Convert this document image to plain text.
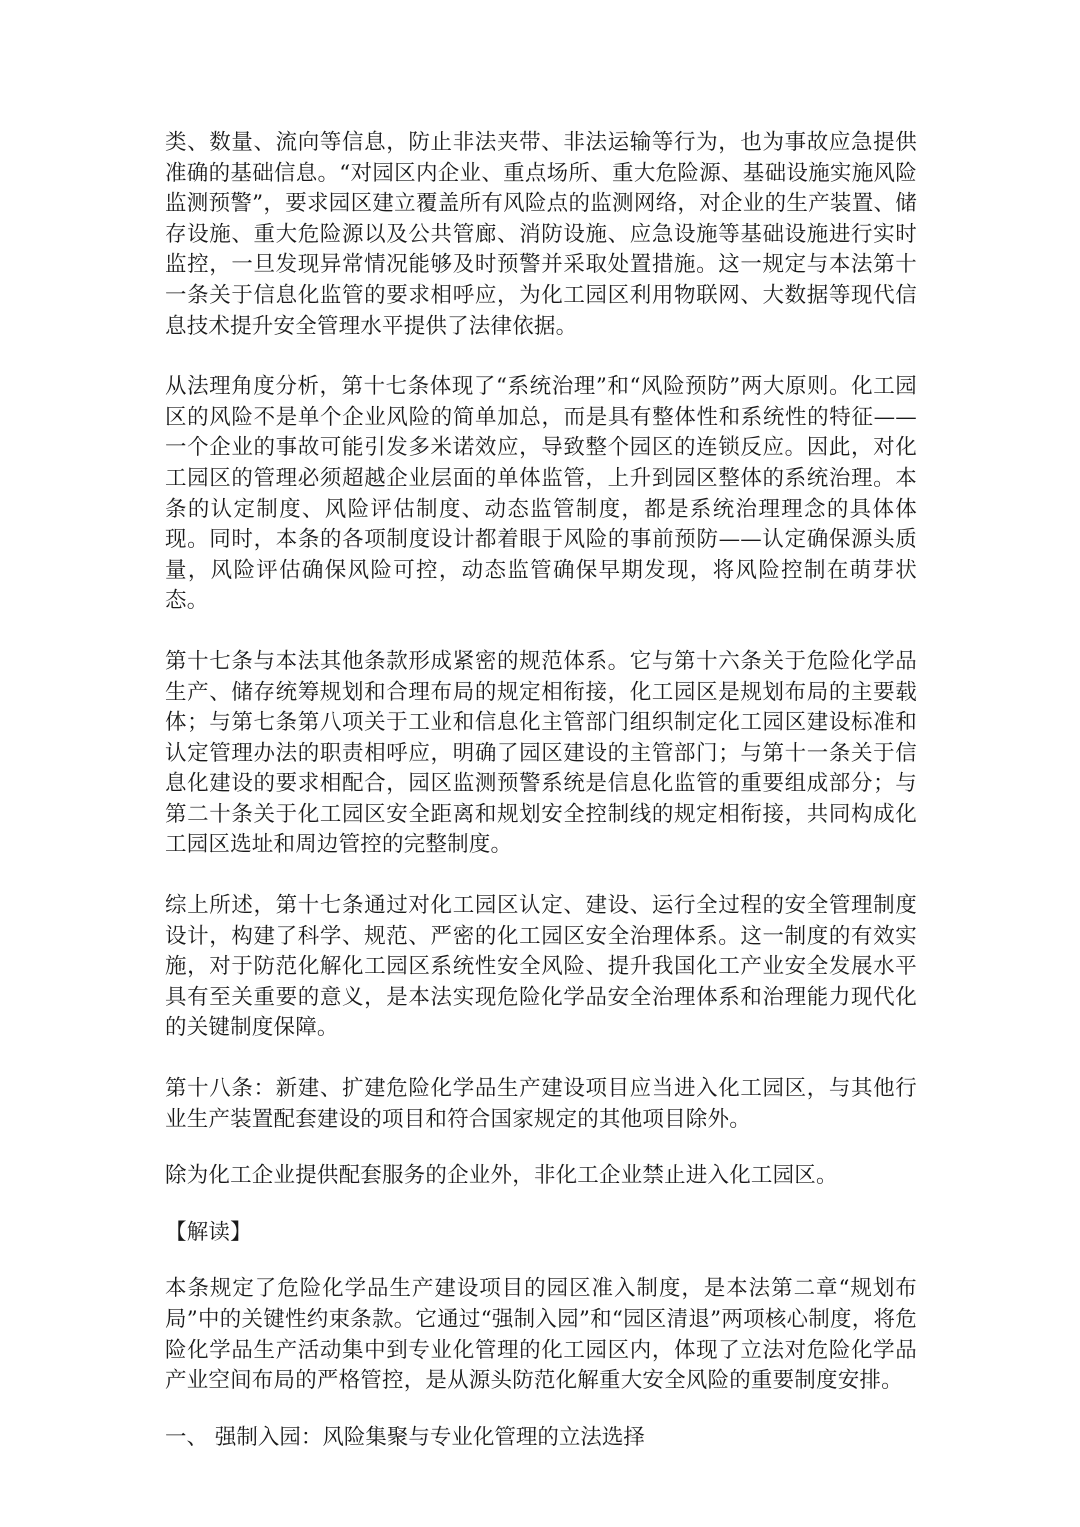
类、数量、流向等信息，防止非法夹带、非法运输等行为，也为事故应急提供准确的基础信息。“对园区内企业、重点场所、重大危险源、基础设施实施风险监测预警”，要求园区建立覆盖所有风险点的监测网络，对企业的生产装置、储存设施、重大危险源以及公共管廊、消防设施、应急设施等基础设施进行实时监控，一旦发现异常情况能够及时预警并采取处置措施。这一规定与本法第十一条关于信息化监管的要求相呼应，为化工园区利用物联网、大数据等现代信息技术提升安全管理水平提供了法律依据。

从法理角度分析，第十七条体现了“系统治理”和“风险预防”两大原则。化工园区的风险不是单个企业风险的简单加总，而是具有整体性和系统性的特征——一个企业的事故可能引发多米诺效应，导致整个园区的连锁反应。因此，对化工园区的管理必须超越企业层面的单体监管，上升到园区整体的系统治理。本条的认定制度、风险评估制度、动态监管制度，都是系统治理理念的具体体现。同时，本条的各项制度设计都着眼于风险的事前预防——认定确保源头质量，风险评估确保风险可控，动态监管确保早期发现，将风险控制在萌芽状态。

第十七条与本法其他条款形成紧密的规范体系。它与第十六条关于危险化学品生产、储存统筹规划和合理布局的规定相衔接，化工园区是规划布局的主要载体；与第七条第八项关于工业和信息化主管部门组织制定化工园区建设标准和认定管理办法的职责相呼应，明确了园区建设的主管部门；与第十一条关于信息化建设的要求相配合，园区监测预警系统是信息化监管的重要组成部分；与第二十条关于化工园区安全距离和规划安全控制线的规定相衔接，共同构成化工园区选址和周边管控的完整制度。

综上所述，第十七条通过对化工园区认定、建设、运行全过程的安全管理制度设计，构建了科学、规范、严密的化工园区安全治理体系。这一制度的有效实施，对于防范化解化工园区系统性安全风险、提升我国化工产业安全发展水平具有至关重要的意义，是本法实现危险化学品安全治理体系和治理能力现代化的关键制度保障。

第十八条：新建、扩建危险化学品生产建设项目应当进入化工园区，与其他行业生产装置配套建设的项目和符合国家规定的其他项目除外。

除为化工企业提供配套服务的企业外，非化工企业禁止进入化工园区。

【解读】

本条规定了危险化学品生产建设项目的园区准入制度，是本法第二章“规划布局”中的关键性约束条款。它通过“强制入园”和“园区清退”两项核心制度，将危险化学品生产活动集中到专业化管理的化工园区内，体现了立法对危险化学品产业空间布局的严格管控，是从源头防范化解重大安全风险的重要制度安排。

一、 强制入园：风险集聚与专业化管理的立法选择
